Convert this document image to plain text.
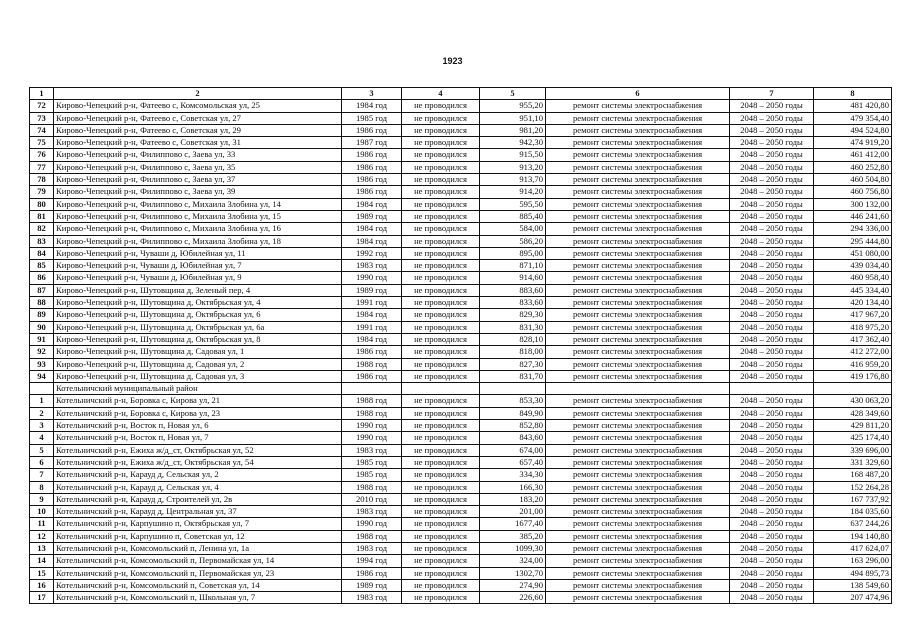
1923
1	2	3	4	5	6	7	8
72	Кирово-Чепецкий р-н, Фатеево с, Комсомольская ул, 25	1984 год	не проводился	955,20	ремонт системы электроснабжения	2048 – 2050 годы	481 420,80
73	Кирово-Чепецкий р-н, Фатеево с, Советская ул, 27	1985 год	не проводился	951,10	ремонт системы электроснабжения	2048 – 2050 годы	479 354,40
74	Кирово-Чепецкий р-н, Фатеево с, Советская ул, 29	1986 год	не проводился	981,20	ремонт системы электроснабжения	2048 – 2050 годы	494 524,80
75	Кирово-Чепецкий р-н, Фатеево с, Советская ул, 31	1987 год	не проводился	942,30	ремонт системы электроснабжения	2048 – 2050 годы	474 919,20
76	Кирово-Чепецкий р-н, Филиппово с, Заева ул, 33	1986 год	не проводился	915,50	ремонт системы электроснабжения	2048 – 2050 годы	461 412,00
77	Кирово-Чепецкий р-н, Филиппово с, Заева ул, 35	1986 год	не проводился	913,20	ремонт системы электроснабжения	2048 – 2050 годы	460 252,80
78	Кирово-Чепецкий р-н, Филиппово с, Заева ул, 37	1986 год	не проводился	913,70	ремонт системы электроснабжения	2048 – 2050 годы	460 504,80
79	Кирово-Чепецкий р-н, Филиппово с, Заева ул, 39	1986 год	не проводился	914,20	ремонт системы электроснабжения	2048 – 2050 годы	460 756,80
80	Кирово-Чепецкий р-н, Филиппово с, Михаила Злобина ул, 14	1984 год	не проводился	595,50	ремонт системы электроснабжения	2048 – 2050 годы	300 132,00
81	Кирово-Чепецкий р-н, Филиппово с, Михаила Злобина ул, 15	1989 год	не проводился	885,40	ремонт системы электроснабжения	2048 – 2050 годы	446 241,60
82	Кирово-Чепецкий р-н, Филиппово с, Михаила Злобина ул, 16	1984 год	не проводился	584,00	ремонт системы электроснабжения	2048 – 2050 годы	294 336,00
83	Кирово-Чепецкий р-н, Филиппово с, Михаила Злобина ул, 18	1984 год	не проводился	586,20	ремонт системы электроснабжения	2048 – 2050 годы	295 444,80
84	Кирово-Чепецкий р-н, Чуваши д, Юбилейная ул, 11	1992 год	не проводился	895,00	ремонт системы электроснабжения	2048 – 2050 годы	451 080,00
85	Кирово-Чепецкий р-н, Чуваши д, Юбилейная ул, 7	1983 год	не проводился	871,10	ремонт системы электроснабжения	2048 – 2050 годы	439 034,40
86	Кирово-Чепецкий р-н, Чуваши д, Юбилейная ул, 9	1990 год	не проводился	914,60	ремонт системы электроснабжения	2048 – 2050 годы	460 958,40
87	Кирово-Чепецкий р-н, Шутовщина д, Зеленый пер, 4	1989 год	не проводился	883,60	ремонт системы электроснабжения	2048 – 2050 годы	445 334,40
88	Кирово-Чепецкий р-н, Шутовщина д, Октябрьская ул, 4	1991 год	не проводился	833,60	ремонт системы электроснабжения	2048 – 2050 годы	420 134,40
89	Кирово-Чепецкий р-н, Шутовщина д, Октябрьская ул, 6	1984 год	не проводился	829,30	ремонт системы электроснабжения	2048 – 2050 годы	417 967,20
90	Кирово-Чепецкий р-н, Шутовщина д, Октябрьская ул, 6а	1991 год	не проводился	831,30	ремонт системы электроснабжения	2048 – 2050 годы	418 975,20
91	Кирово-Чепецкий р-н, Шутовщина д, Октябрьская ул, 8	1984 год	не проводился	828,10	ремонт системы электроснабжения	2048 – 2050 годы	417 362,40
92	Кирово-Чепецкий р-н, Шутовщина д, Садовая ул, 1	1986 год	не проводился	818,00	ремонт системы электроснабжения	2048 – 2050 годы	412 272,00
93	Кирово-Чепецкий р-н, Шутовщина д, Садовая ул, 2	1988 год	не проводился	827,30	ремонт системы электроснабжения	2048 – 2050 годы	416 959,20
94	Кирово-Чепецкий р-н, Шутовщина д, Садовая ул, 3	1986 год	не проводился	831,70	ремонт системы электроснабжения	2048 – 2050 годы	419 176,80
	Котельничский муниципальный район						
1	Котельничский р-н, Боровка с, Кирова ул, 21	1988 год	не проводился	853,30	ремонт системы электроснабжения	2048 – 2050 годы	430 063,20
2	Котельничский р-н, Боровка с, Кирова ул, 23	1988 год	не проводился	849,90	ремонт системы электроснабжения	2048 – 2050 годы	428 349,60
3	Котельничский р-н, Восток п, Новая ул, 6	1990 год	не проводился	852,80	ремонт системы электроснабжения	2048 – 2050 годы	429 811,20
4	Котельничский р-н, Восток п, Новая ул, 7	1990 год	не проводился	843,60	ремонт системы электроснабжения	2048 – 2050 годы	425 174,40
5	Котельничский р-н, Ежиха ж/д_ст, Октябрьская ул, 52	1983 год	не проводился	674,00	ремонт системы электроснабжения	2048 – 2050 годы	339 696,00
6	Котельничский р-н, Ежиха ж/д_ст, Октябрьская ул, 54	1985 год	не проводился	657,40	ремонт системы электроснабжения	2048 – 2050 годы	331 329,60
7	Котельничский р-н, Карауд д, Сельская ул, 2	1985 год	не проводился	334,30	ремонт системы электроснабжения	2048 – 2050 годы	168 487,20
8	Котельничский р-н, Карауд д, Сельская ул, 4	1988 год	не проводился	166,30	ремонт системы электроснабжения	2048 – 2050 годы	152 264,28
9	Котельничский р-н, Карауд д, Строителей ул, 2в	2010 год	не проводился	183,20	ремонт системы электроснабжения	2048 – 2050 годы	167 737,92
10	Котельничский р-н, Карауд д, Центральная ул, 37	1983 год	не проводился	201,00	ремонт системы электроснабжения	2048 – 2050 годы	184 035,60
11	Котельничский р-н, Карпушино п, Октябрьская ул, 7	1990 год	не проводился	1677,40	ремонт системы электроснабжения	2048 – 2050 годы	637 244,26
12	Котельничский р-н, Карпушино п, Советская ул, 12	1988 год	не проводился	385,20	ремонт системы электроснабжения	2048 – 2050 годы	194 140,80
13	Котельничский р-н, Комсомольский п, Ленина ул, 1а	1983 год	не проводился	1099,30	ремонт системы электроснабжения	2048 – 2050 годы	417 624,07
14	Котельничский р-н, Комсомольский п, Первомайская ул, 14	1994 год	не проводился	324,00	ремонт системы электроснабжения	2048 – 2050 годы	163 296,00
15	Котельничский р-н, Комсомольский п, Первомайская ул, 23	1986 год	не проводился	1302,70	ремонт системы электроснабжения	2048 – 2050 годы	494 895,73
16	Котельничский р-н, Комсомольский п, Советская ул, 14	1989 год	не проводился	274,90	ремонт системы электроснабжения	2048 – 2050 годы	138 549,60
17	Котельничский р-н, Комсомольский п, Школьная ул, 7	1983 год	не проводился	226,60	ремонт системы электроснабжения	2048 – 2050 годы	207 474,96
